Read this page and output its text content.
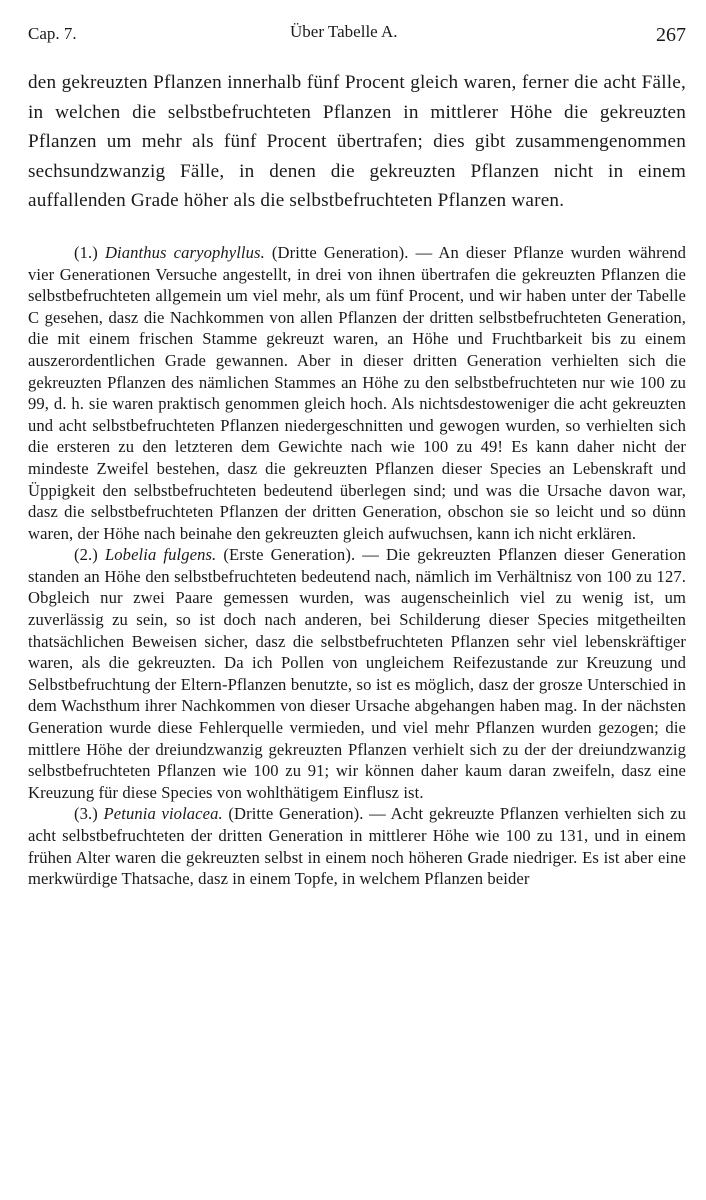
Cap. 7.	Über Tabelle A.	267

den gekreuzten Pflanzen innerhalb fünf Procent gleich waren, ferner die acht Fälle, in welchen die selbstbefruchteten Pflanzen in mittlerer Höhe die gekreuzten Pflanzen um mehr als fünf Procent übertrafen; dies gibt zusammengenommen sechsundzwanzig Fälle, in denen die gekreuzten Pflanzen nicht in einem auffallenden Grade höher als die selbstbefruchteten Pflanzen waren.

(1.) Dianthus caryophyllus. (Dritte Generation). — An dieser Pflanze wurden während vier Generationen Versuche angestellt, in drei von ihnen übertrafen die gekreuzten Pflanzen die selbstbefruchteten allgemein um viel mehr, als um fünf Procent, und wir haben unter der Tabelle C gesehen, dasz die Nachkommen von allen Pflanzen der dritten selbstbefruchteten Generation, die mit einem frischen Stamme gekreuzt waren, an Höhe und Fruchtbarkeit bis zu einem auszerordentlichen Grade gewannen. Aber in dieser dritten Generation verhielten sich die gekreuzten Pflanzen des nämlichen Stammes an Höhe zu den selbstbefruchteten nur wie 100 zu 99, d. h. sie waren praktisch genommen gleich hoch. Als nichtsdestoweniger die acht gekreuzten und acht selbstbefruchteten Pflanzen niedergeschnitten und gewogen wurden, so verhielten sich die ersteren zu den letzteren dem Gewichte nach wie 100 zu 49! Es kann daher nicht der mindeste Zweifel bestehen, dasz die gekreuzten Pflanzen dieser Species an Lebenskraft und Üppigkeit den selbstbefruchteten bedeutend überlegen sind; und was die Ursache davon war, dasz die selbstbefruchteten Pflanzen der dritten Generation, obschon sie so leicht und so dünn waren, der Höhe nach beinahe den gekreuzten gleich aufwuchsen, kann ich nicht erklären.

(2.) Lobelia fulgens. (Erste Generation). — Die gekreuzten Pflanzen dieser Generation standen an Höhe den selbstbefruchteten bedeutend nach, nämlich im Verhältnisz von 100 zu 127. Obgleich nur zwei Paare gemessen wurden, was augenscheinlich viel zu wenig ist, um zuverlässig zu sein, so ist doch nach anderen, bei Schilderung dieser Species mitgetheilten thatsächlichen Beweisen sicher, dasz die selbstbefruchteten Pflanzen sehr viel lebenskräftiger waren, als die gekreuzten. Da ich Pollen von ungleichem Reifezustande zur Kreuzung und Selbstbefruchtung der Eltern-Pflanzen benutzte, so ist es möglich, dasz der grosze Unterschied in dem Wachsthum ihrer Nachkommen von dieser Ursache abgehangen haben mag. In der nächsten Generation wurde diese Fehlerquelle vermieden, und viel mehr Pflanzen wurden gezogen; die mittlere Höhe der dreiundzwanzig gekreuzten Pflanzen verhielt sich zu der der dreiundzwanzig selbstbefruchteten Pflanzen wie 100 zu 91; wir können daher kaum daran zweifeln, dasz eine Kreuzung für diese Species von wohlthätigem Einflusz ist.

(3.) Petunia violacea. (Dritte Generation). — Acht gekreuzte Pflanzen verhielten sich zu acht selbstbefruchteten der dritten Generation in mittlerer Höhe wie 100 zu 131, und in einem frühen Alter waren die gekreuzten selbst in einem noch höheren Grade niedriger. Es ist aber eine merkwürdige Thatsache, dasz in einem Topfe, in welchem Pflanzen beider
